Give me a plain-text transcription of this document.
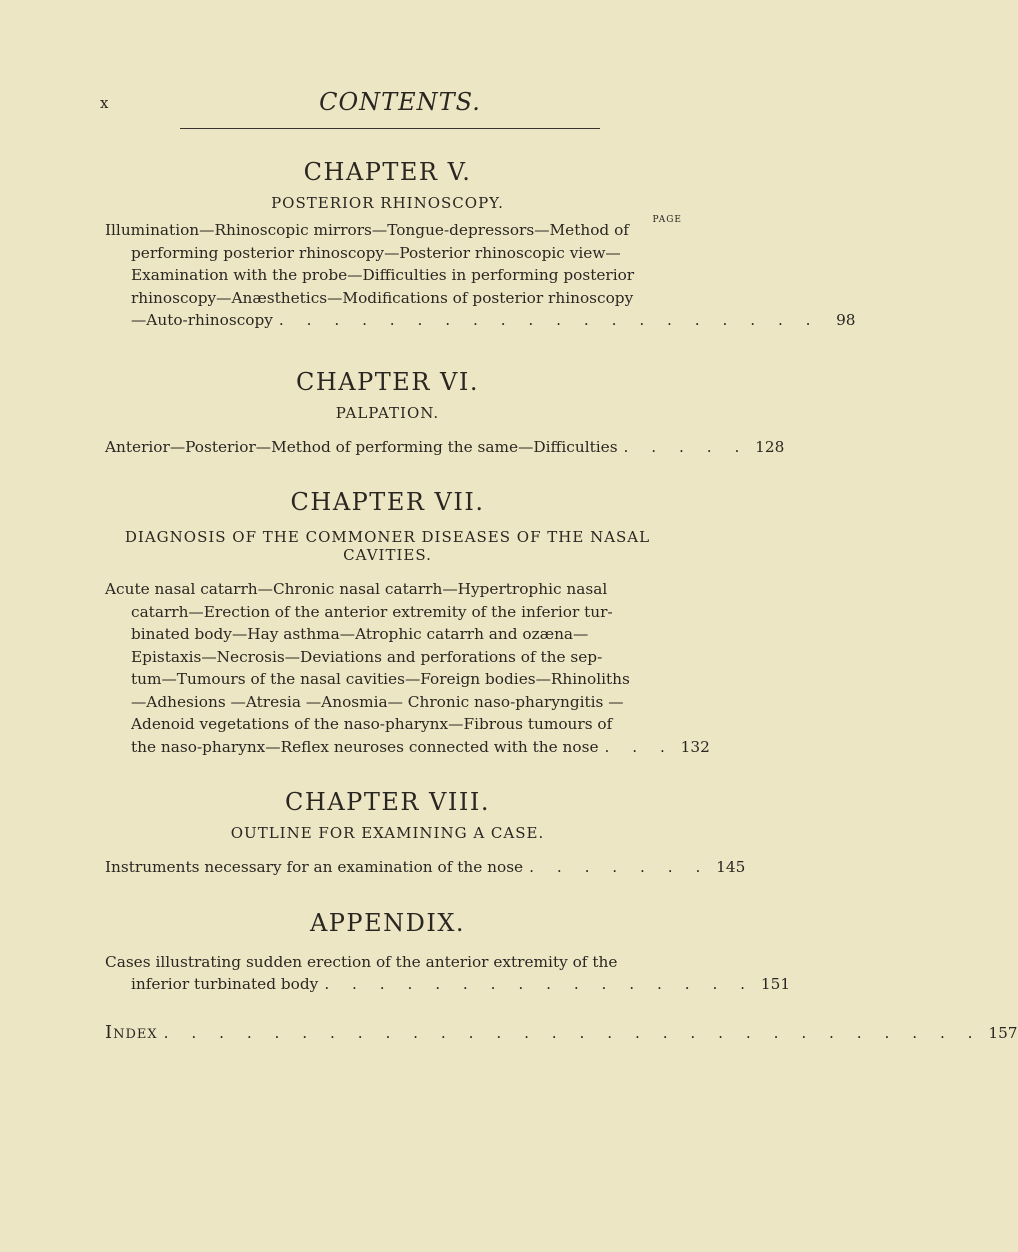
x	CONTENTS.
CHAPTER V.

POSTERIOR RHINOSCOPY.

PAGE
Illumination—Rhinoscopic mirrors—Tongue-depressors—Method of
performing posterior rhinoscopy—Posterior rhinoscopic view—
Examination with the probe—Difficulties in performing posterior
rhinoscopy—Anæsthetics—Modifications of posterior rhinoscopy
—Auto-rhinoscopy . . . . . . . . . . . . . . . . . . . .	98
CHAPTER VI.

PALPATION.

Anterior—Posterior—Method of performing the same—Difficulties . . . . . 128
CHAPTER VII.

DIAGNOSIS OF THE COMMONER DISEASES OF THE NASAL

CAVITIES.

Acute nasal catarrh—Chronic nasal catarrh—Hypertrophic nasal
catarrh—Erection of the anterior extremity of the inferior tur-
binated body—Hay asthma—Atrophic catarrh and ozæna—
Epistaxis—Necrosis—Deviations and perforations of the sep-
tum—Tumours of the nasal cavities—Foreign bodies—Rhinoliths
—Adhesions —Atresia —Anosmia— Chronic naso-pharyngitis —
Adenoid vegetations of the naso-pharynx—Fibrous tumours of
the naso-pharynx—Reflex neuroses connected with the nose . . . 132
CHAPTER VIII.

OUTLINE FOR EXAMINING A CASE.

Instruments necessary for an examination of the nose . . . . . . . 145
APPENDIX.
Cases illustrating sudden erection of the anterior extremity of the
inferior turbinated body . . . . . . . . . . . . . . . . 151
Index . . . . . . . . . . . . . . . . . . . . . . . . . . . . . . 157
